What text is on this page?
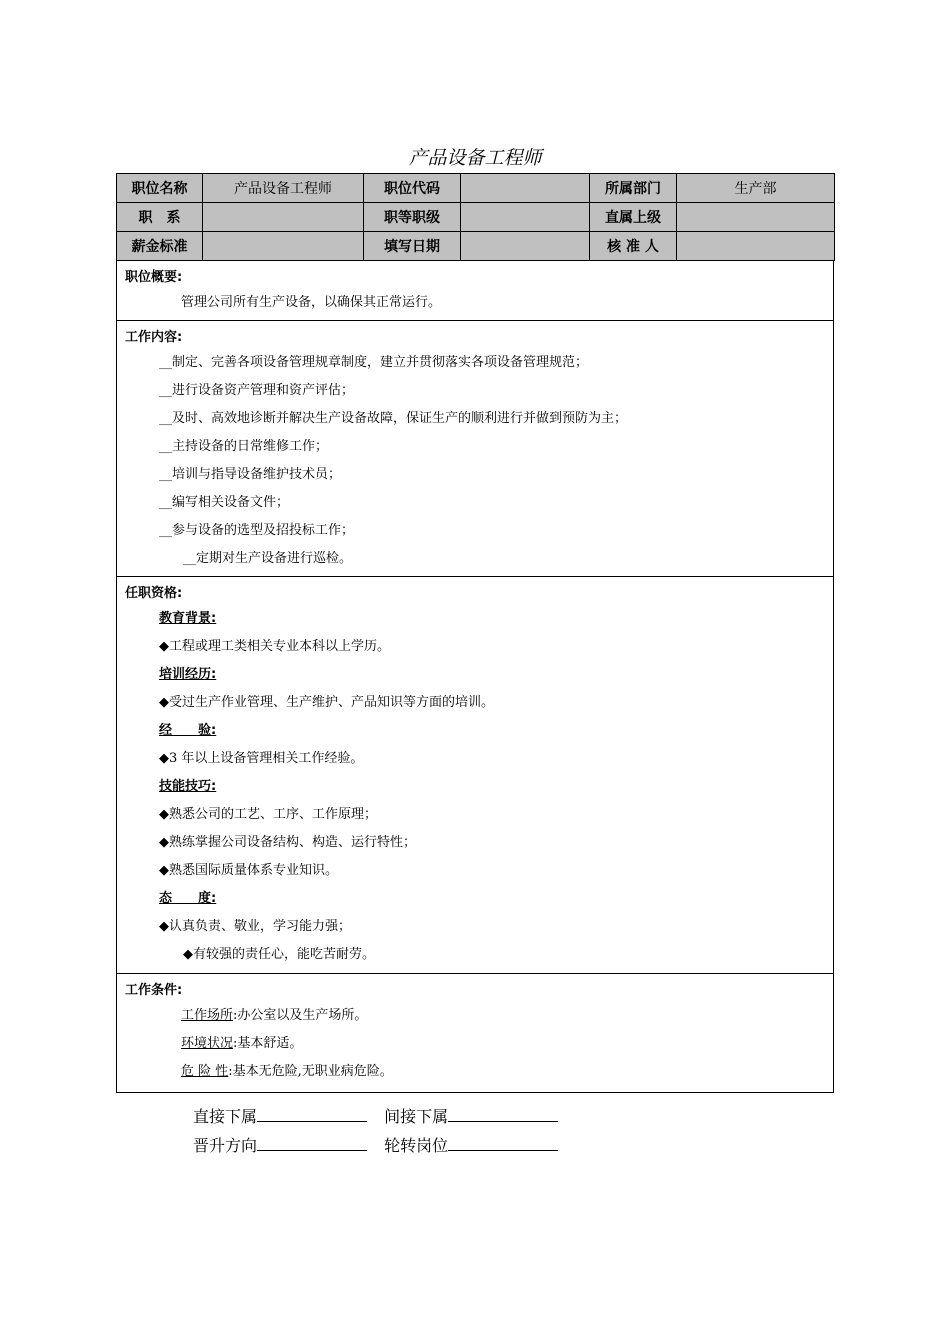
产品设备工程师
职位名称	产品设备工程师	职位代码		所属部门	生产部
职　系		职等职级		直属上级	
薪金标准		填写日期		核 准 人	
职位概要:
管理公司所有生产设备，以确保其正常运行。
工作内容:
__制定、完善各项设备管理规章制度，建立并贯彻落实各项设备管理规范；
__进行设备资产管理和资产评估；
__及时、高效地诊断并解决生产设备故障，保证生产的顺利进行并做到预防为主；
__主持设备的日常维修工作；
__培训与指导设备维护技术员；
__编写相关设备文件；
__参与设备的选型及招投标工作；
__定期对生产设备进行巡检。
任职资格:
教育背景:
◆工程或理工类相关专业本科以上学历。
培训经历:
◆受过生产作业管理、生产维护、产品知识等方面的培训。
经　　验:
◆3 年以上设备管理相关工作经验。
技能技巧:
◆熟悉公司的工艺、工序、工作原理；
◆熟练掌握公司设备结构、构造、运行特性；
◆熟悉国际质量体系专业知识。
态　　度:
◆认真负责、敬业，学习能力强；
◆有较强的责任心，能吃苦耐劳。
工作条件:
工作场所:办公室以及生产场所。
环境状况:基本舒适。
危 险 性:基本无危险,无职业病危险。
直接下属	间接下属
晋升方向	轮转岗位
